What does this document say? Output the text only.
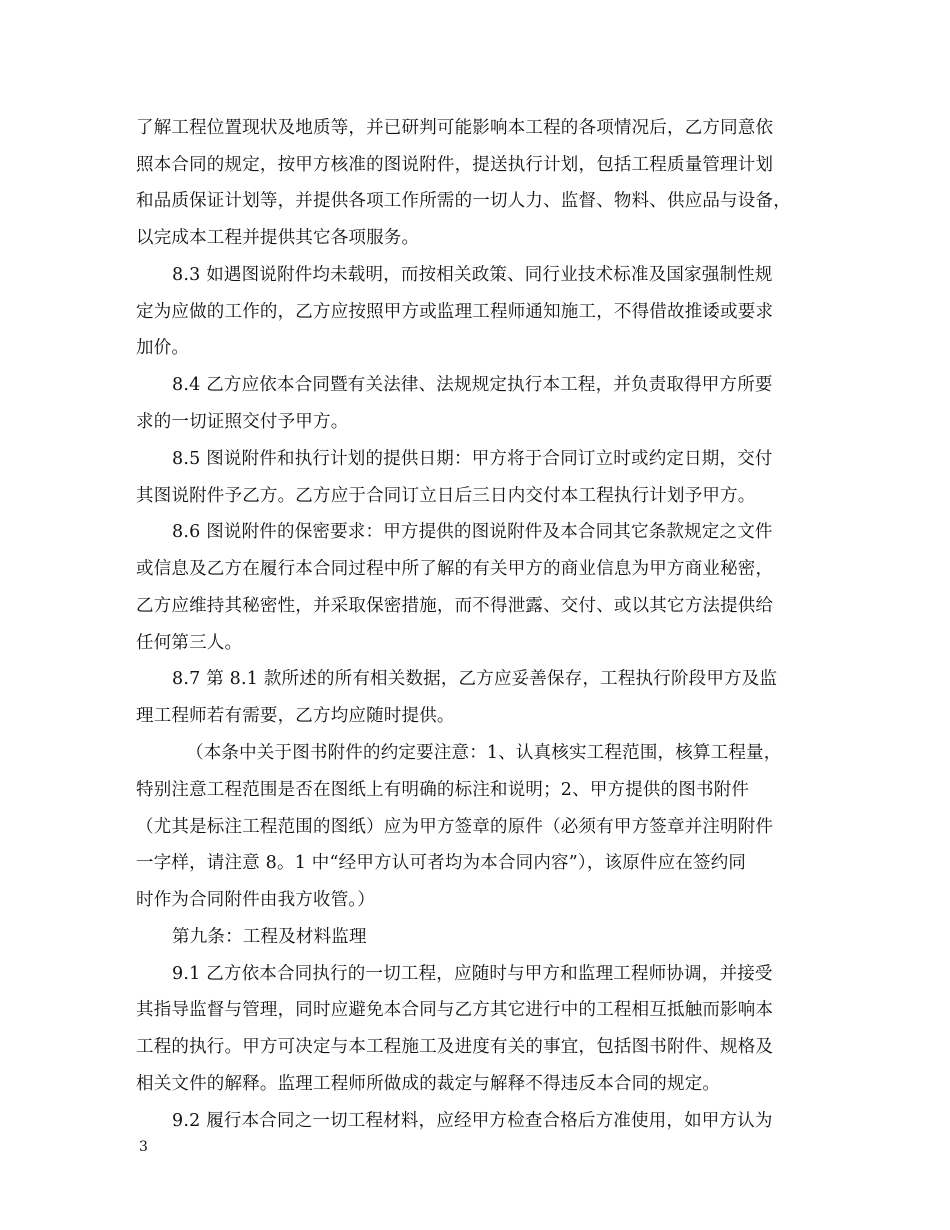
了解工程位置现状及地质等，并已研判可能影响本工程的各项情况后，乙方同意依
照本合同的规定，按甲方核准的图说附件，提送执行计划，包括工程质量管理计划
和品质保证计划等，并提供各项工作所需的一切人力、监督、物料、供应品与设备，
以完成本工程并提供其它各项服务。
8.3 如遇图说附件均未载明，而按相关政策、同行业技术标准及国家强制性规
定为应做的工作的，乙方应按照甲方或监理工程师通知施工，不得借故推诿或要求
加价。
8.4 乙方应依本合同暨有关法律、法规规定执行本工程，并负责取得甲方所要
求的一切证照交付予甲方。
8.5 图说附件和执行计划的提供日期：甲方将于合同订立时或约定日期，交付
其图说附件予乙方。乙方应于合同订立日后三日内交付本工程执行计划予甲方。
8.6 图说附件的保密要求：甲方提供的图说附件及本合同其它条款规定之文件
或信息及乙方在履行本合同过程中所了解的有关甲方的商业信息为甲方商业秘密，
乙方应维持其秘密性，并采取保密措施，而不得泄露、交付、或以其它方法提供给
任何第三人。
8.7 第 8.1 款所述的所有相关数据，乙方应妥善保存，工程执行阶段甲方及监
理工程师若有需要，乙方均应随时提供。
（本条中关于图书附件的约定要注意：1、认真核实工程范围，核算工程量，
特别注意工程范围是否在图纸上有明确的标注和说明；2、甲方提供的图书附件
（尤其是标注工程范围的图纸）应为甲方签章的原件（必须有甲方签章并注明附件
一字样，请注意 8。1 中“经甲方认可者均为本合同内容”），该原件应在签约同
时作为合同附件由我方收管。）
第九条：工程及材料监理
9.1 乙方依本合同执行的一切工程，应随时与甲方和监理工程师协调，并接受
其指导监督与管理，同时应避免本合同与乙方其它进行中的工程相互抵触而影响本
工程的执行。甲方可决定与本工程施工及进度有关的事宜，包括图书附件、规格及
相关文件的解释。监理工程师所做成的裁定与解释不得违反本合同的规定。
9.2 履行本合同之一切工程材料，应经甲方检查合格后方准使用，如甲方认为
3
